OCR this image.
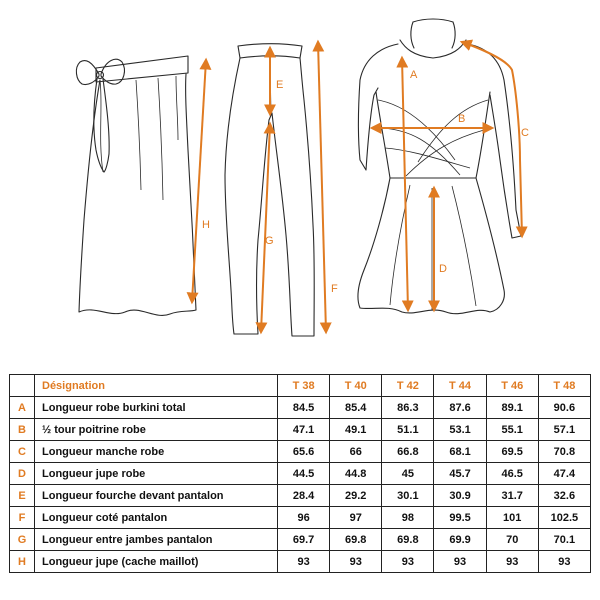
H
E
G
F
A
B
C
D
	Désignation	T 38	T 40	T 42	T 44	T 46	T 48
A	Longueur robe burkini total	84.5	85.4	86.3	87.6	89.1	90.6
B	½ tour poitrine robe	47.1	49.1	51.1	53.1	55.1	57.1
C	Longueur manche robe	65.6	66	66.8	68.1	69.5	70.8
D	Longueur jupe robe	44.5	44.8	45	45.7	46.5	47.4
E	Longueur fourche devant pantalon	28.4	29.2	30.1	30.9	31.7	32.6
F	Longueur coté pantalon	96	97	98	99.5	101	102.5
G	Longueur entre jambes pantalon	69.7	69.8	69.8	69.9	70	70.1
H	Longueur jupe (cache maillot)	93	93	93	93	93	93
